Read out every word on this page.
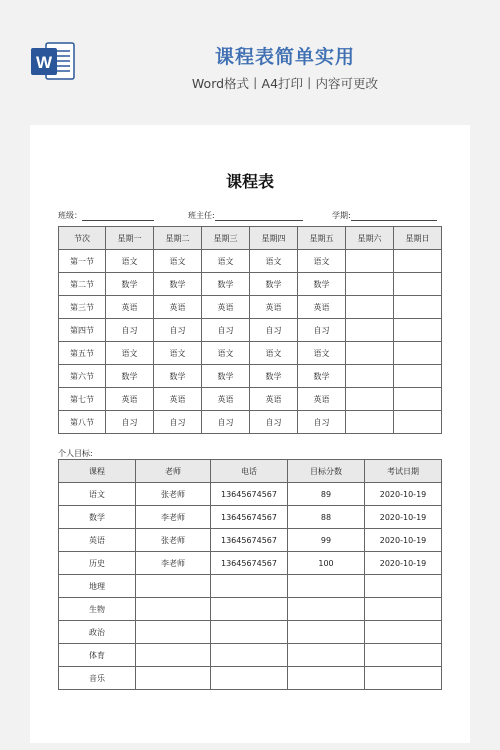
W	课程表简单实用
Word格式丨A4打印丨内容可更改
课程表
班级：	班主任:	学期:
节次	星期一	星期二	星期三	星期四	星期五	星期六	星期日
第一节	语文	语文	语文	语文	语文		
第二节	数学	数学	数学	数学	数学		
第三节	英语	英语	英语	英语	英语		
第四节	自习	自习	自习	自习	自习		
第五节	语文	语文	语文	语文	语文		
第六节	数学	数学	数学	数学	数学		
第七节	英语	英语	英语	英语	英语		
第八节	自习	自习	自习	自习	自习		
个人目标:
课程	老师	电话	目标分数	考试日期
语文	张老师	13645674567	89	2020-10-19
数学	李老师	13645674567	88	2020-10-19
英语	张老师	13645674567	99	2020-10-19
历史	李老师	13645674567	100	2020-10-19
地理				
生物				
政治				
体育				
音乐				
